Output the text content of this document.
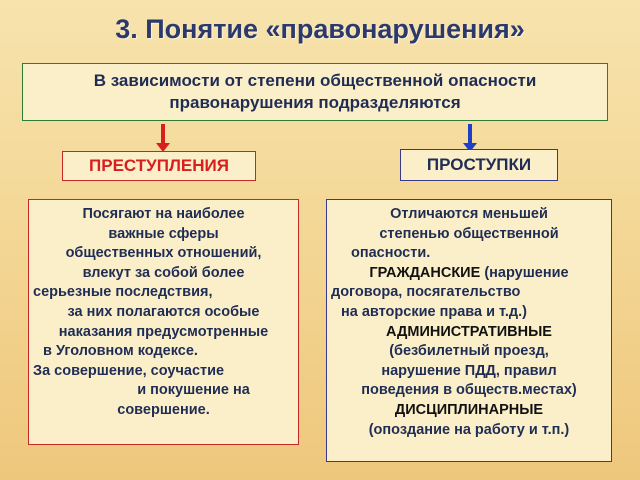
3. Понятие «правонарушения»
В зависимости от степени общественной опасности
правонарушения подразделяются
ПРЕСТУПЛЕНИЯ	ПРОСТУПКИ
Посягают на наиболее
важные сферы
общественных отношений,
влекут за собой более
серьезные последствия,
за них полагаются особые
наказания предусмотренные
в Уголовном кодексе.
За совершение, соучастие
и покушение на
совершение.
Отличаются меньшей
степенью общественной
опасности.
ГРАЖДАНСКИЕ (нарушение
договора, посягательство
на авторские права и т.д.)
АДМИНИСТРАТИВНЫЕ
(безбилетный проезд,
нарушение ПДД, правил
поведения в обществ.местах)
ДИСЦИПЛИНАРНЫЕ
(опоздание на работу и т.п.)
